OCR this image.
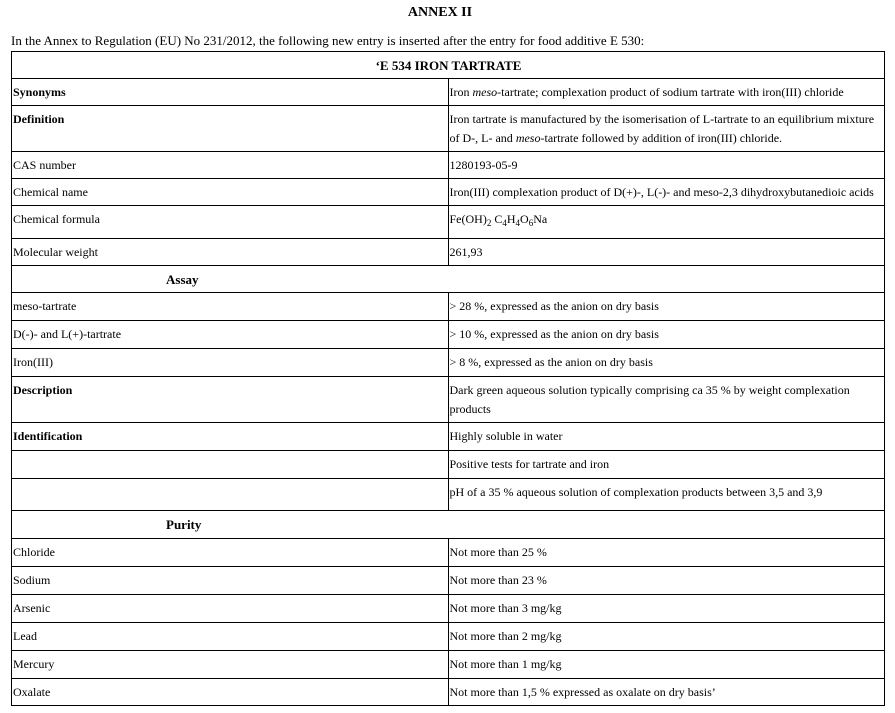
ANNEX II
In the Annex to Regulation (EU) No 231/2012, the following new entry is inserted after the entry for food additive E 530:
‘E 534 IRON TARTRATE	
Synonyms	Iron meso-tartrate; complexation product of sodium tartrate with iron(III) chloride
Definition	Iron tartrate is manufactured by the isomerisation of L-tartrate to an equilibrium mixture of D-, L- and meso-tartrate followed by addition of iron(III) chloride.
CAS number	1280193-05-9
Chemical name	Iron(III) complexation product of D(+)-, L(-)- and meso-2,3 dihydroxybutanedioic acids
Chemical formula	$Fe(OH)_2$ $C_4H_4O_6Na$
Molecular weight	261,93
Assay	
meso-tartrate	> 28 %, expressed as the anion on dry basis
D(-)- and L(+)-tartrate	> 10 %, expressed as the anion on dry basis
Iron(III)	> 8 %, expressed as the anion on dry basis
Description	Dark green aqueous solution typically comprising ca 35 % by weight complexation products
Identification	Highly soluble in water
	Positive tests for tartrate and iron
	pH of a 35 % aqueous solution of complexation products between 3,5 and 3,9
Purity	
Chloride	Not more than 25 %
Sodium	Not more than 23 %
Arsenic	Not more than 3 mg/kg
Lead	Not more than 2 mg/kg
Mercury	Not more than 1 mg/kg
Oxalate	Not more than 1,5 % expressed as oxalate on dry basis’
